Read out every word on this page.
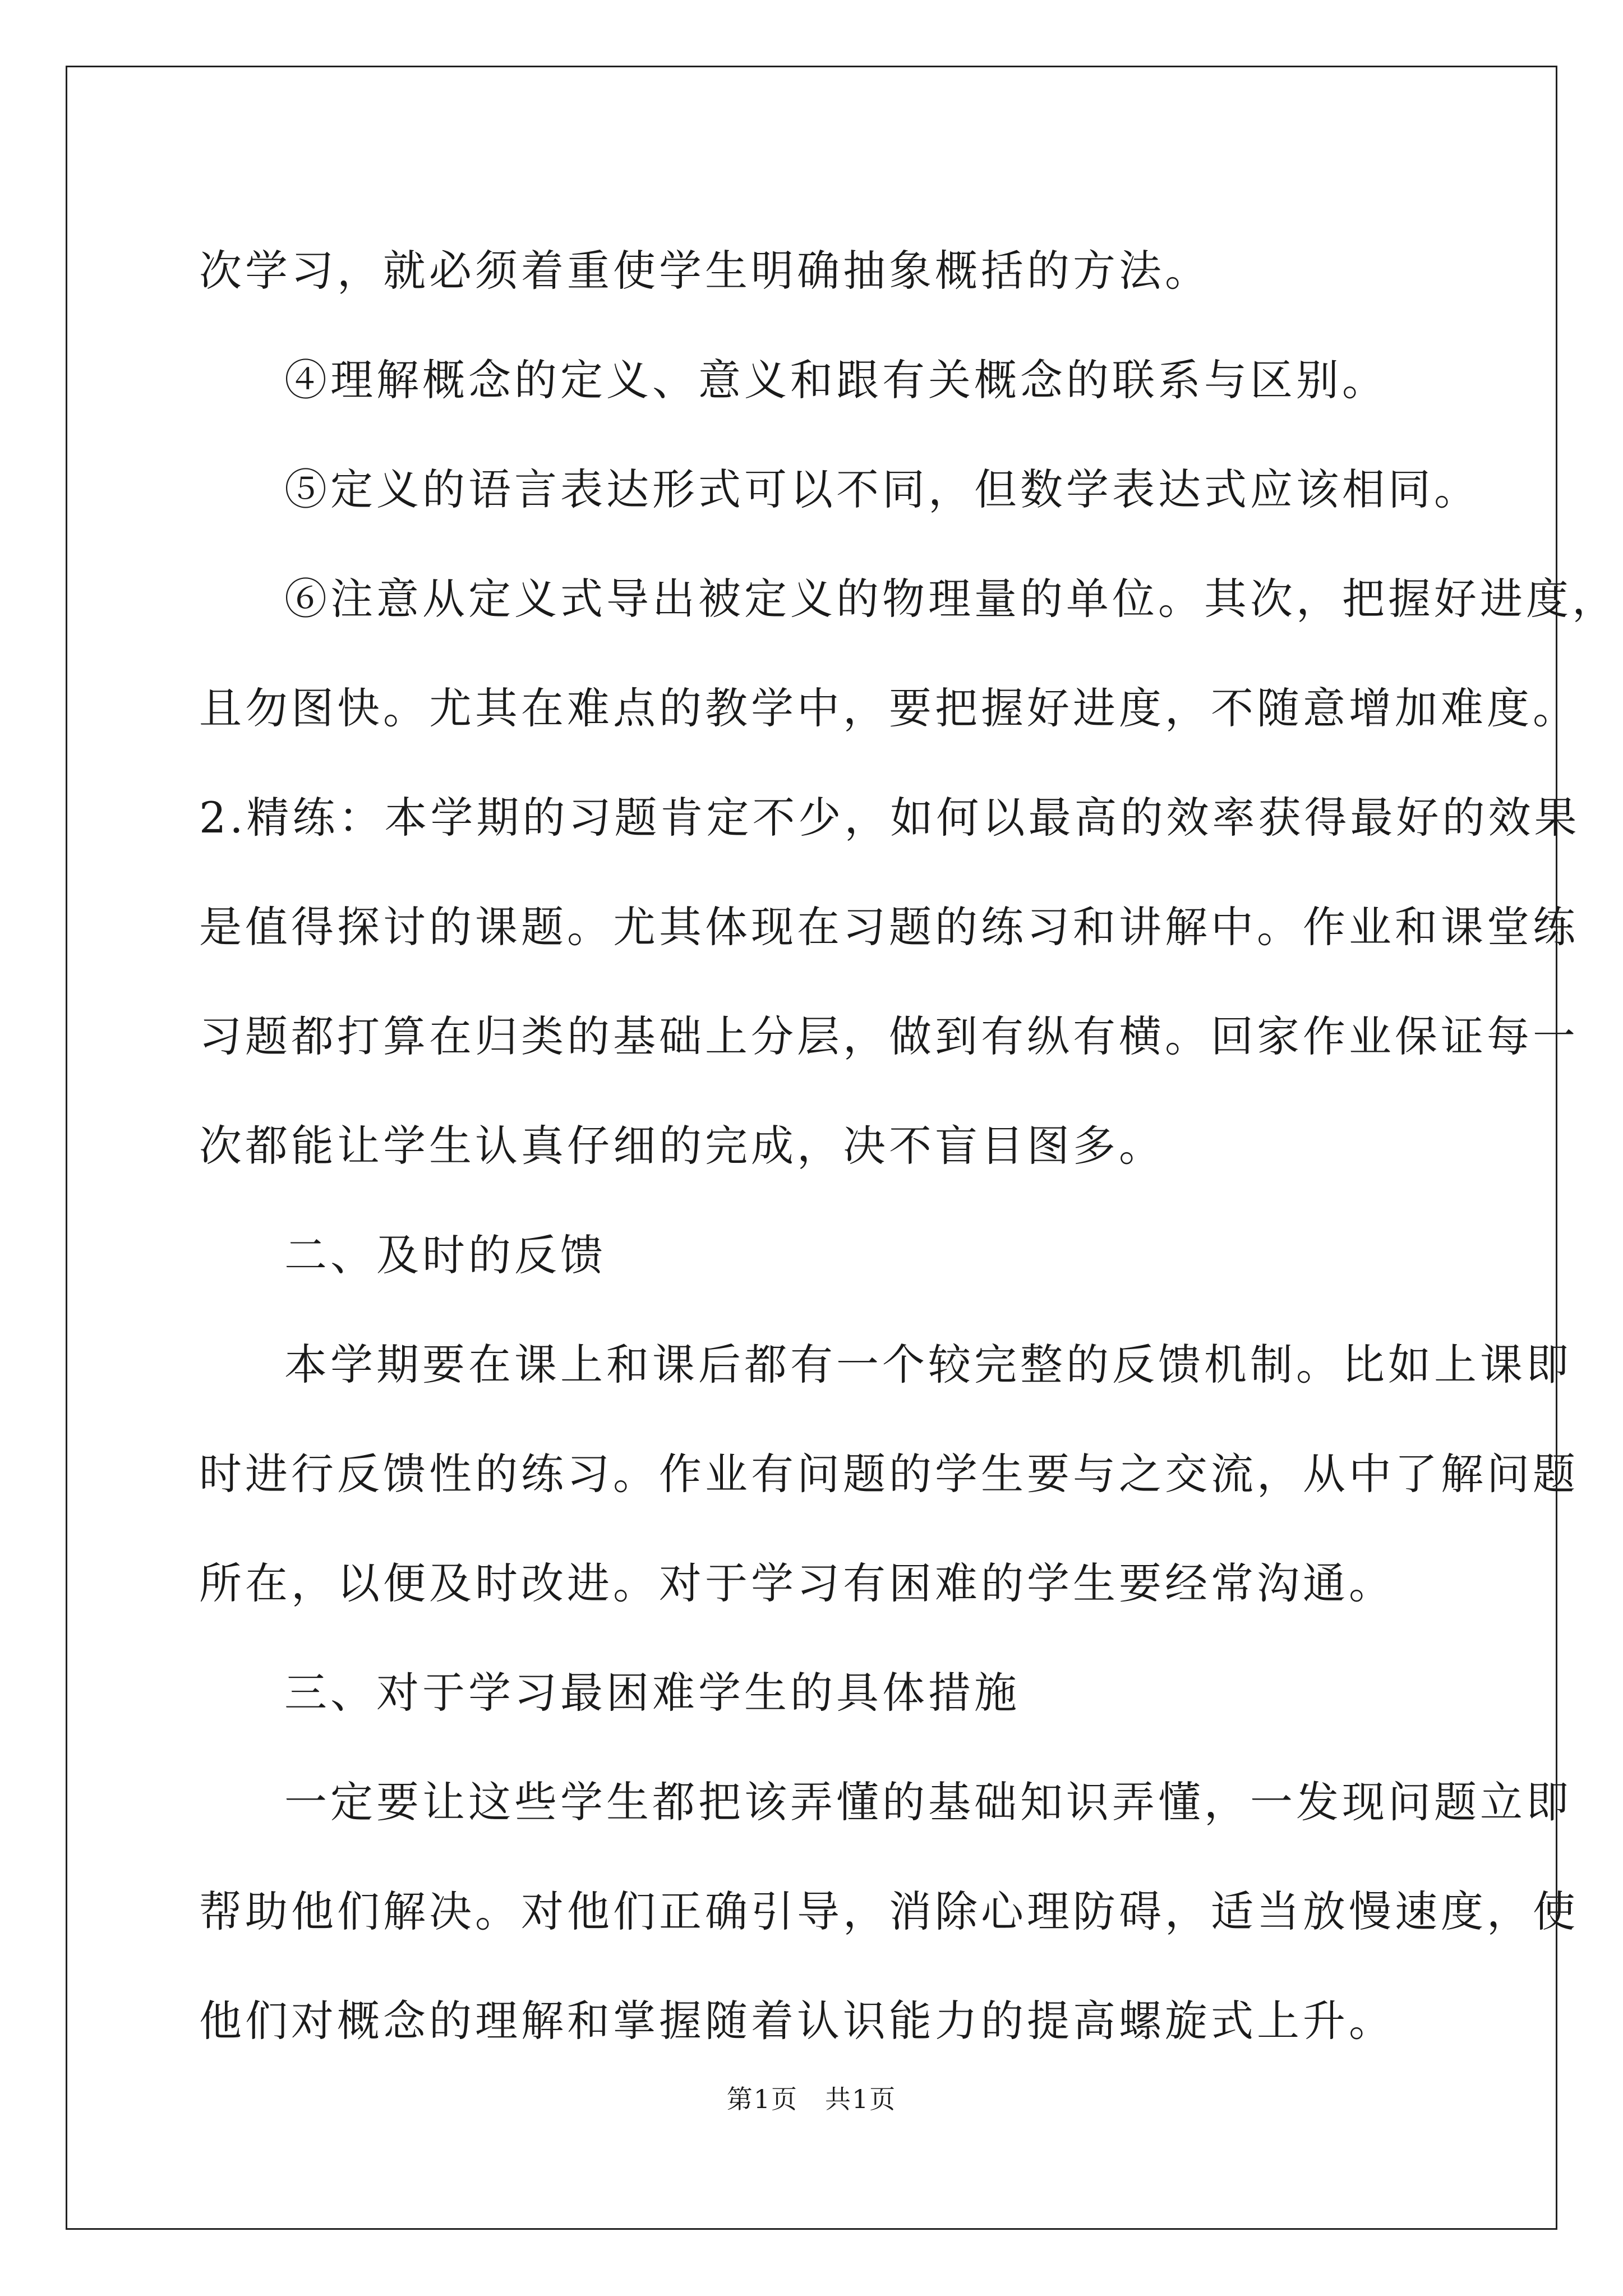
次学习，就必须着重使学生明确抽象概括的方法。

④理解概念的定义、意义和跟有关概念的联系与区别。

⑤定义的语言表达形式可以不同，但数学表达式应该相同。

⑥注意从定义式导出被定义的物理量的单位。其次，把握好进度，

且勿图快。尤其在难点的教学中，要把握好进度，不随意增加难度。

2.精练：本学期的习题肯定不少，如何以最高的效率获得最好的效果

是值得探讨的课题。尤其体现在习题的练习和讲解中。作业和课堂练

习题都打算在归类的基础上分层，做到有纵有横。回家作业保证每一

次都能让学生认真仔细的完成，决不盲目图多。

二、及时的反馈

本学期要在课上和课后都有一个较完整的反馈机制。比如上课即

时进行反馈性的练习。作业有问题的学生要与之交流，从中了解问题

所在，以便及时改进。对于学习有困难的学生要经常沟通。

三、对于学习最困难学生的具体措施

一定要让这些学生都把该弄懂的基础知识弄懂，一发现问题立即

帮助他们解决。对他们正确引导，消除心理防碍，适当放慢速度，使

他们对概念的理解和掌握随着认识能力的提高螺旋式上升。

第1页　共1页
